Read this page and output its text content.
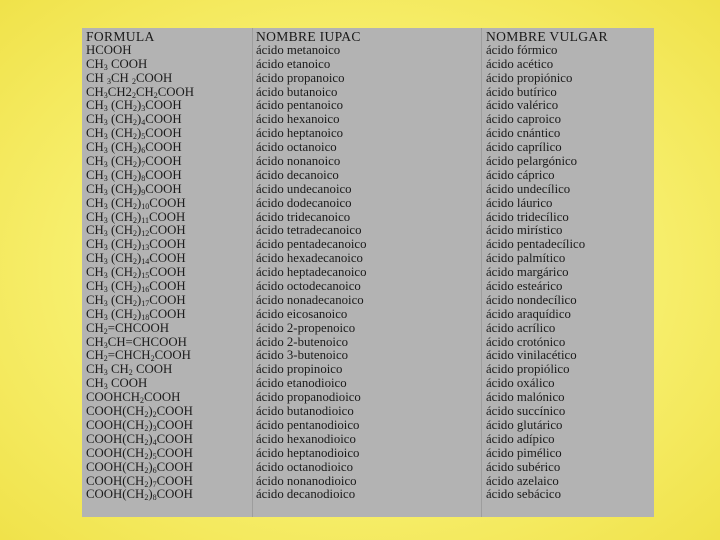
FORMULA	NOMBRE IUPAC	NOMBRE VULGAR
HCOOH	ácido metanoico	ácido fórmico
$CH_3$ COOH	ácido etanoico	ácido acético
CH $_3$CH $_2$COOH	ácido propanoico	ácido propiónico
$CH_3CH2_2CH_2COOH$	ácido butanoico	ácido butírico
$CH_3$ $(CH_2)_3COOH$	ácido pentanoico	ácido valérico
$CH_3$ $(CH_2)_4COOH$	ácido hexanoico	ácido caproico
$CH_3$ $(CH_2)_5COOH$	ácido heptanoico	ácido cnántico
$CH_3$ $(CH_2)_6COOH$	ácido octanoico	ácido caprílico
$CH_3$ $(CH_2)_7COOH$	ácido nonanoico	ácido pelargónico
$CH_3$ $(CH_2)_8COOH$	ácido decanoico	ácido cáprico
$CH_3$ $(CH_2)_9COOH$	ácido undecanoico	ácido undecílico
$CH_3$ $(CH_2)_{10}COOH$	ácido dodecanoico	ácido láurico
$CH_3$ $(CH_2)_{11}COOH$	ácido tridecanoico	ácido tridecílico
$CH_3$ $(CH_2)_{12}COOH$	ácido tetradecanoico	ácido mirístico
$CH_3$ $(CH_2)_{13}COOH$	ácido pentadecanoico	ácido pentadecílico
$CH_3$ $(CH_2)_{14}COOH$	ácido hexadecanoico	ácido palmítico
$CH_3$ $(CH_2)_{15}COOH$	ácido heptadecanoico	ácido margárico
$CH_3$ $(CH_2)_{16}COOH$	ácido octodecanoico	ácido esteárico
$CH_3$ $(CH_2)_{17}COOH$	ácido nonadecanoico	ácido nondecílico
$CH_3$ $(CH_2)_{18}COOH$	ácido eicosanoico	ácido araquídico
$CH_2=CHCOOH$	ácido 2-propenoico	ácido acrílico
$CH_3CH=CHCOOH$	ácido 2-butenoico	ácido crotónico
$CH_2=CHCH_2COOH$	ácido 3-butenoico	ácido vinilacético
$CH_3$ $CH_2$ COOH	ácido propinoico	ácido propiólico
$CH_3$ COOH	ácido etanodioico	ácido oxálico
$COOHCH_2COOH$	ácido propanodioico	ácido malónico
$COOH(CH_2)_2COOH$	ácido butanodioico	ácido succínico
$COOH(CH_2)_3COOH$	ácido pentanodioico	ácido glutárico
$COOH(CH_2)_4COOH$	ácido hexanodioico	ácido adípico
$COOH(CH_2)_5COOH$	ácido heptanodioico	ácido pimélico
$COOH(CH_2)_6COOH$	ácido octanodioico	ácido subérico
$COOH(CH_2)_7COOH$	ácido nonanodioico	ácido azelaico
$COOH(CH_2)_8COOH$	ácido decanodioico	ácido sebácico
